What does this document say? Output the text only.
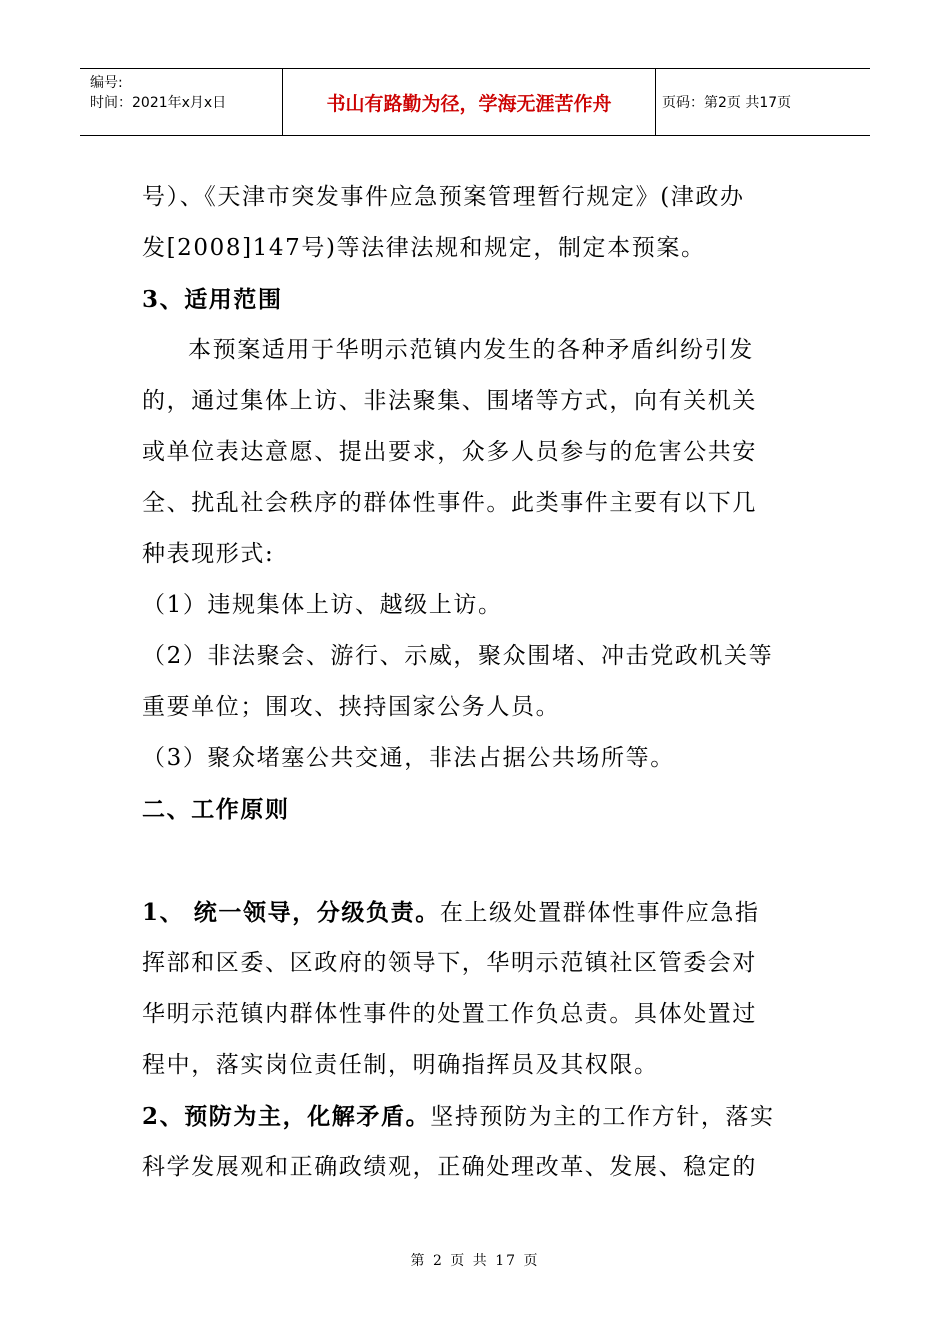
编号:
时间：2021年x月x日	书山有路勤为径，学海无涯苦作舟	页码：第2页 共17页
号）、《天津市突发事件应急预案管理暂行规定》(津政办
发[2008]147号)等法律法规和规定，制定本预案。
3、适用范围
本预案适用于华明示范镇内发生的各种矛盾纠纷引发
的，通过集体上访、非法聚集、围堵等方式，向有关机关
或单位表达意愿、提出要求，众多人员参与的危害公共安
全、扰乱社会秩序的群体性事件。此类事件主要有以下几
种表现形式:
（1）违规集体上访、越级上访。
（2）非法聚会、游行、示威，聚众围堵、冲击党政机关等
重要单位；围攻、挟持国家公务人员。
（3）聚众堵塞公共交通，非法占据公共场所等。
二、工作原则
1、 统一领导，分级负责。在上级处置群体性事件应急指
挥部和区委、区政府的领导下，华明示范镇社区管委会对
华明示范镇内群体性事件的处置工作负总责。具体处置过
程中，落实岗位责任制，明确指挥员及其权限。
2、预防为主，化解矛盾。坚持预防为主的工作方针，落实
科学发展观和正确政绩观，正确处理改革、发展、稳定的
第 2 页 共 17 页
